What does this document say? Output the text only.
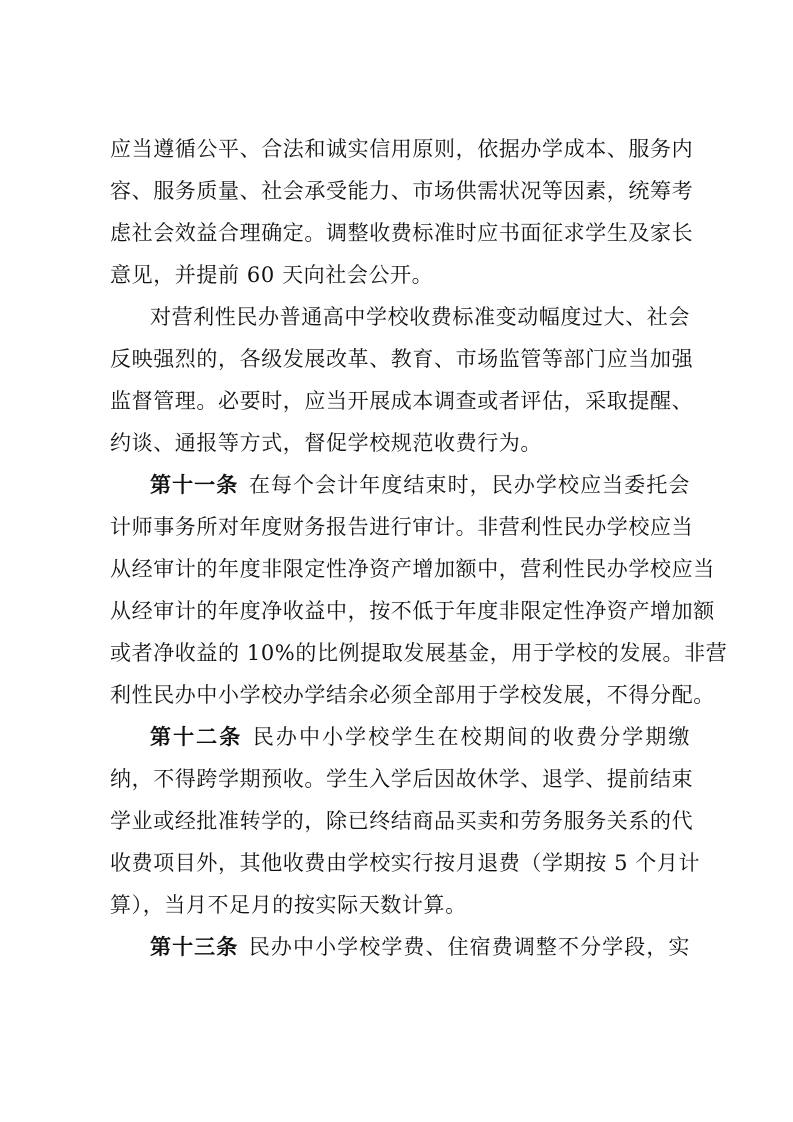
应当遵循公平、合法和诚实信用原则，依据办学成本、服务内
容、服务质量、社会承受能力、市场供需状况等因素，统筹考
虑社会效益合理确定。调整收费标准时应书面征求学生及家长
意见，并提前 60 天向社会公开。
对营利性民办普通高中学校收费标准变动幅度过大、社会
反映强烈的，各级发展改革、教育、市场监管等部门应当加强
监督管理。必要时，应当开展成本调查或者评估，采取提醒、
约谈、通报等方式，督促学校规范收费行为。
第十一条 在每个会计年度结束时，民办学校应当委托会
计师事务所对年度财务报告进行审计。非营利性民办学校应当
从经审计的年度非限定性净资产增加额中，营利性民办学校应当
从经审计的年度净收益中，按不低于年度非限定性净资产增加额
或者净收益的 10%的比例提取发展基金，用于学校的发展。非营
利性民办中小学校办学结余必须全部用于学校发展，不得分配。
第十二条 民办中小学校学生在校期间的收费分学期缴
纳，不得跨学期预收。学生入学后因故休学、退学、提前结束
学业或经批准转学的，除已终结商品买卖和劳务服务关系的代
收费项目外，其他收费由学校实行按月退费（学期按 5 个月计
算），当月不足月的按实际天数计算。
第十三条 民办中小学校学费、住宿费调整不分学段，实
